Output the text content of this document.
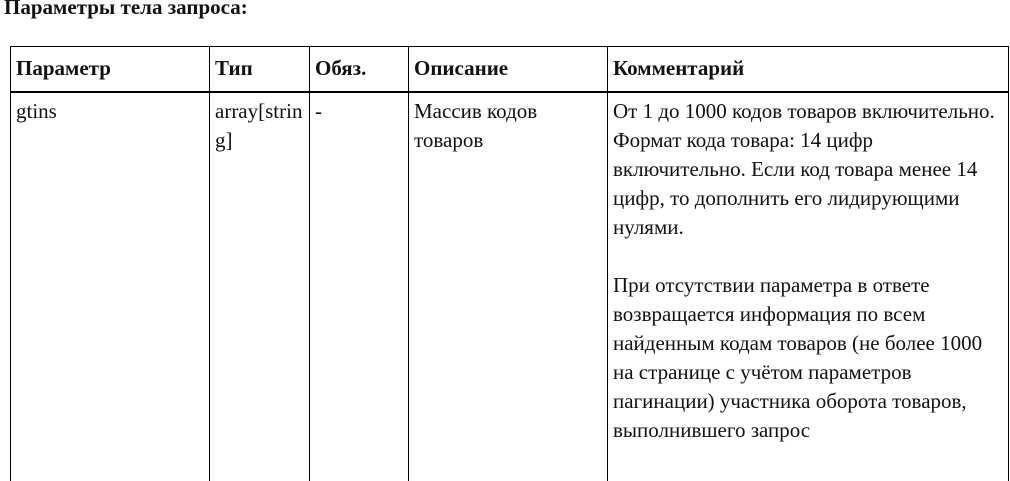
Параметры тела запроса:
Параметр	Тип	Обяз.	Описание	Комментарий
gtins	array[string]	-	Массив кодов товаров	От 1 до 1000 кодов товаров включительно. Формат кода товара: 14 цифр включительно. Если код товара менее 14 цифр, то дополнить его лидирующими нулями.
При отсутствии параметра в ответе возвращается информация по всем найденным кодам товаров (не более 1000 на странице с учётом параметров пагинации) участника оборота товаров, выполнившего запрос
